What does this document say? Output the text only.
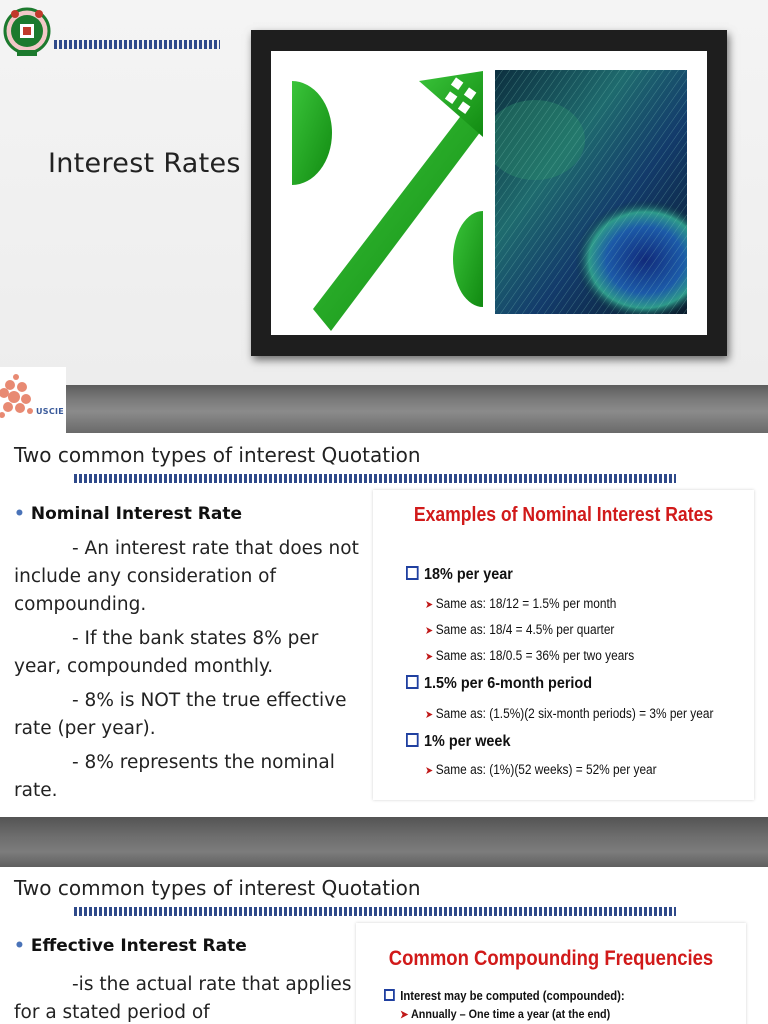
Interest Rates
USCIE
Two common types of interest Quotation
• Nominal Interest Rate

- An interest rate that does not include any consideration of compounding.

- If the bank states 8% per year, compounded monthly.

- 8% is NOT the true effective rate (per year).

- 8% represents the nominal rate.

Examples of Nominal Interest Rates
18% per year
➤ Same as: 18/12 = 1.5% per month
➤ Same as: 18/4 = 4.5% per quarter
➤ Same as: 18/0.5 = 36% per two years
1.5% per 6-month period
➤ Same as: (1.5%)(2 six-month periods) = 3% per year
1% per week
➤ Same as: (1%)(52 weeks) = 52% per year
Two common types of interest Quotation
• Effective Interest Rate

-is the actual rate that applies for a stated period of

Common Compounding Frequencies
Interest may be computed (compounded):
➤ Annually – One time a year (at the end)
